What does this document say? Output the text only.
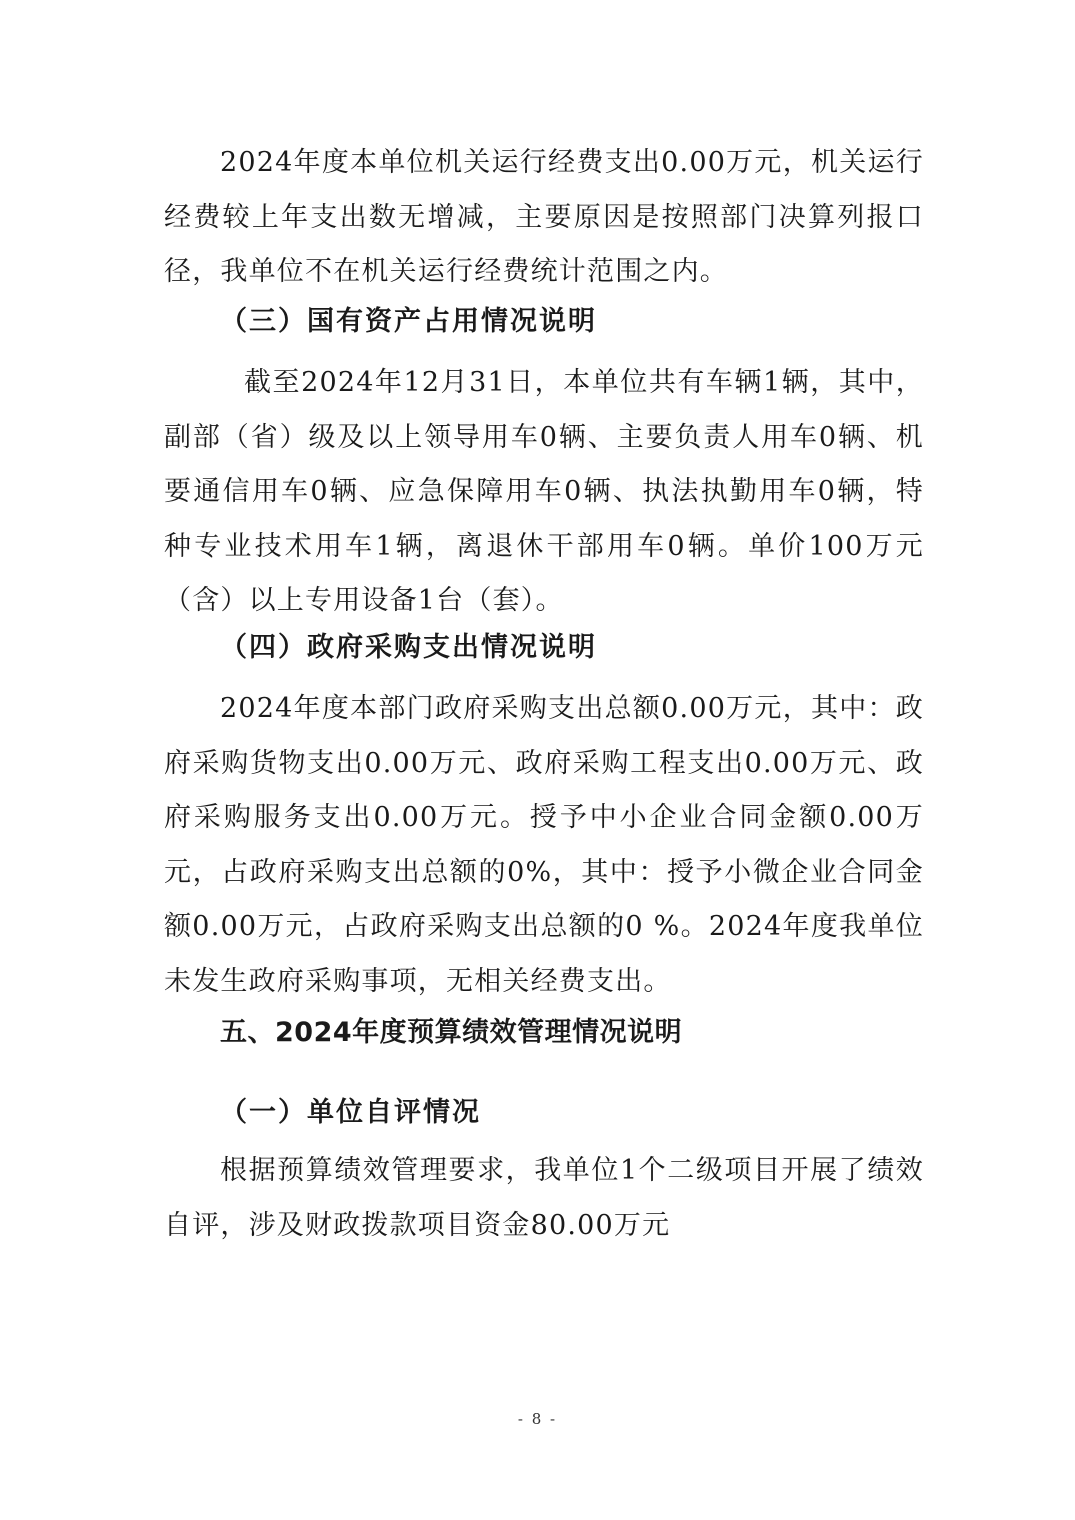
2024年度本单位机关运行经费支出0.00万元，机关运行经费较上年支出数无增减，主要原因是按照部门决算列报口径，我单位不在机关运行经费统计范围之内。

（三）国有资产占用情况说明

截至2024年12月31日，本单位共有车辆1辆，其中，副部（省）级及以上领导用车0辆、主要负责人用车0辆、机要通信用车0辆、应急保障用车0辆、执法执勤用车0辆，特种专业技术用车1辆，离退休干部用车0辆。单价100万元（含）以上专用设备1台（套）。

（四）政府采购支出情况说明

2024年度本部门政府采购支出总额0.00万元，其中：政府采购货物支出0.00万元、政府采购工程支出0.00万元、政府采购服务支出0.00万元。授予中小企业合同金额0.00万元，占政府采购支出总额的0%，其中：授予小微企业合同金额0.00万元，占政府采购支出总额的0 %。2024年度我单位未发生政府采购事项，无相关经费支出。

五、2024年度预算绩效管理情况说明

（一）单位自评情况

根据预算绩效管理要求，我单位1个二级项目开展了绩效自评，涉及财政拨款项目资金80.00万元

- 8 -
